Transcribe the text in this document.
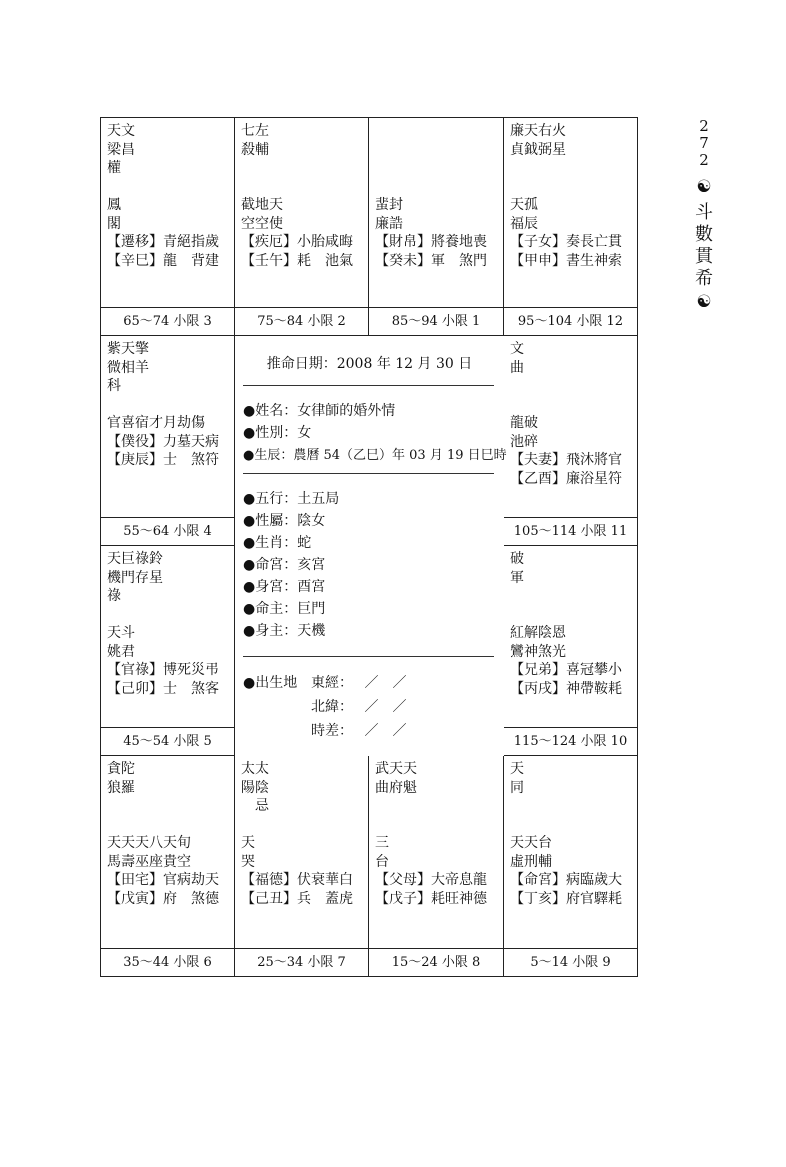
2
7
2
☯
斗
數
貫
希
☯
天文
梁昌
權
鳳
閣
【遷移】青絕指歲
【辛巳】龍　背建
65～74 小限 3
七左
殺輔
截地天
空空使
【疾厄】小胎咸晦
【壬午】耗　池氣
75～84 小限 2
蜚封
廉誥
【財帛】將養地喪
【癸未】軍　煞門
85～94 小限 1
廉天右火
貞鉞弼星
天孤
福辰
【子女】奏長亡貫
【甲申】書生神索
95～104 小限 12
紫天擎
微相羊
科
官喜宿才月劫傷
【僕役】力墓天病
【庚辰】士　煞符
55～64 小限 4
文
曲
龍破
池碎
【夫妻】飛沐將官
【乙酉】廉浴星符
105～114 小限 11
天巨祿鈴
機門存星
祿
天斗
姚君
【官祿】博死災弔
【己卯】士　煞客
45～54 小限 5
破
軍
紅解陰恩
鸞神煞光
【兄弟】喜冠攀小
【丙戌】神帶鞍耗
115～124 小限 10
貪陀
狼羅
天天天八天旬
馬壽巫座貴空
【田宅】官病劫天
【戊寅】府　煞德
35～44 小限 6
太太
陽陰
　忌
天
哭
【福德】伏衰華白
【己丑】兵　蓋虎
25～34 小限 7
武天天
曲府魁
三
台
【父母】大帝息龍
【戊子】耗旺神德
15～24 小限 8
天
同
天天台
虛刑輔
【命宮】病臨歲大
【丁亥】府官驛耗
5～14 小限 9
推命日期：2008 年 12 月 30 日
●姓名：女律師的婚外情
●性別：女
●生辰：農曆 54（乙巳）年 03 月 19 日巳時
●五行：土五局
●性屬：陰女
●生肖：蛇
●命宮：亥宮
●身宮：酉宮
●命主：巨門
●身主：天機
●出生地 東經：　 ／　／
北緯：　 ／　／
時差：　 ／　／
